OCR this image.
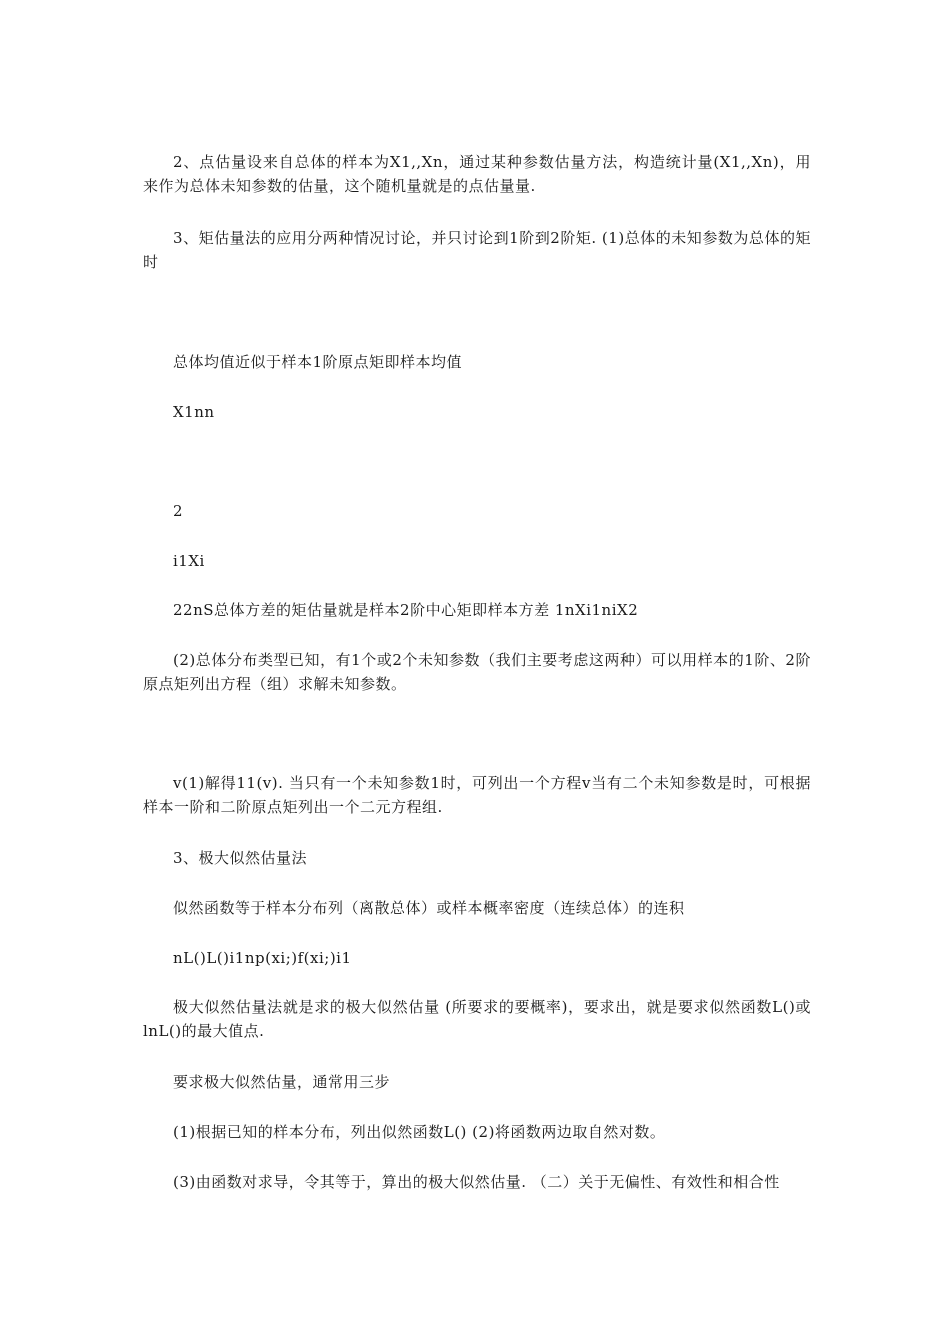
2、点估量设来自总体的样本为X1,,Xn，通过某种参数估量方法，构造统计量(X1,,Xn)，用来作为总体未知参数的估量，这个随机量就是的点估量量.

3、矩估量法的应用分两种情况讨论，并只讨论到1阶到2阶矩. (1)总体的未知参数为总体的矩时

总体均值近似于样本1阶原点矩即样本均值

X1nn

2

i1Xi

22nS总体方差的矩估量就是样本2阶中心矩即样本方差 1nXi1niX2

(2)总体分布类型已知，有1个或2个未知参数（我们主要考虑这两种）可以用样本的1阶、2阶原点矩列出方程（组）求解未知参数。

v(1)解得11(v). 当只有一个未知参数1时，可列出一个方程v当有二个未知参数是时，可根据样本一阶和二阶原点矩列出一个二元方程组.

3、极大似然估量法

似然函数等于样本分布列（离散总体）或样本概率密度（连续总体）的连积

nL()L()i1np(xi;)f(xi;)i1

极大似然估量法就是求的极大似然估量 (所要求的要概率)，要求出，就是要求似然函数L()或lnL()的最大值点.

要求极大似然估量，通常用三步

(1)根据已知的样本分布，列出似然函数L() (2)将函数两边取自然对数。

(3)由函数对求导，令其等于，算出的极大似然估量. （二）关于无偏性、有效性和相合性
